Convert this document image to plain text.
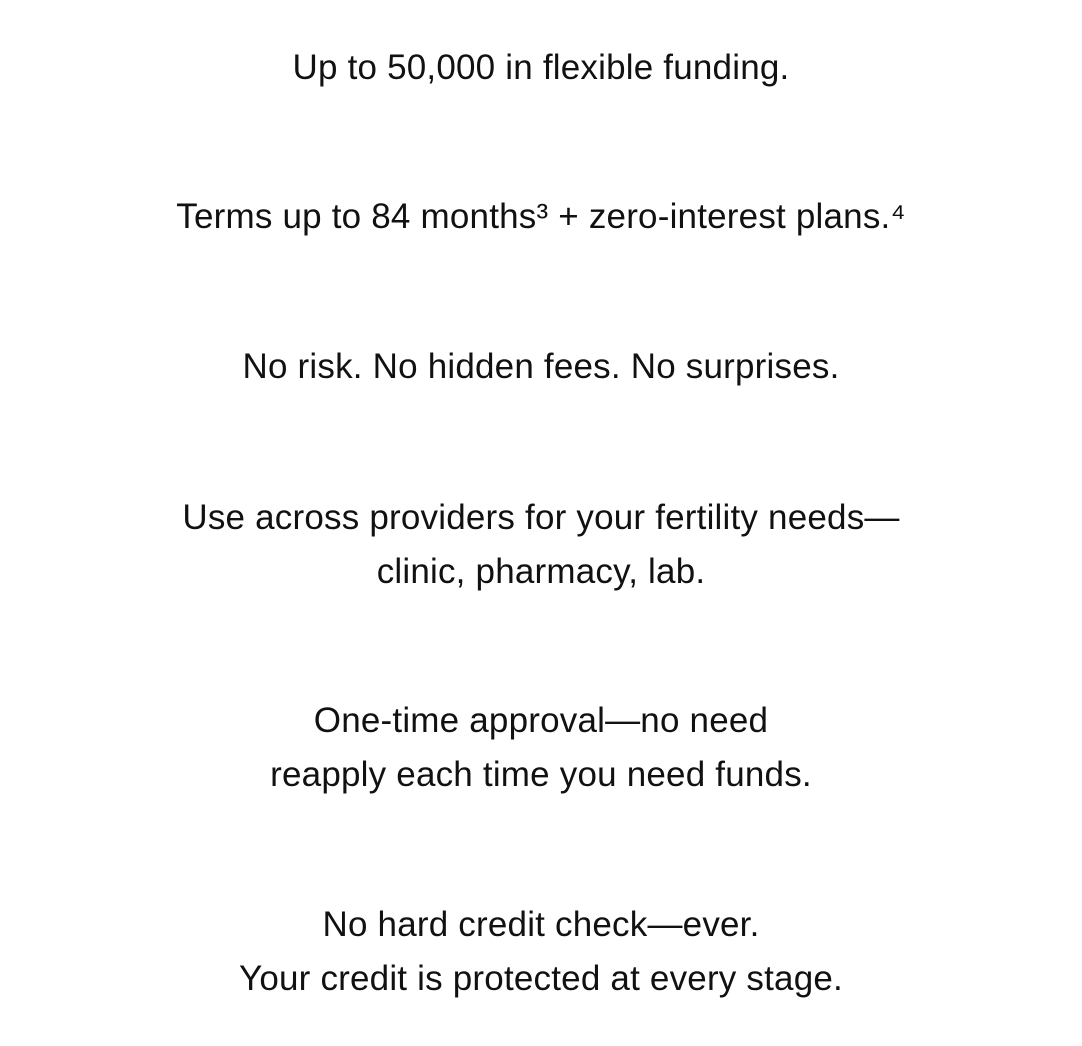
Up to 50,000 in flexible funding.
Terms up to 84 months³ + zero-interest plans.⁴
No risk. No hidden fees. No surprises.
Use across providers for your fertility needs—
clinic, pharmacy, lab.
One-time approval—no need
reapply each time you need funds.
No hard credit check—ever.
Your credit is protected at every stage.
